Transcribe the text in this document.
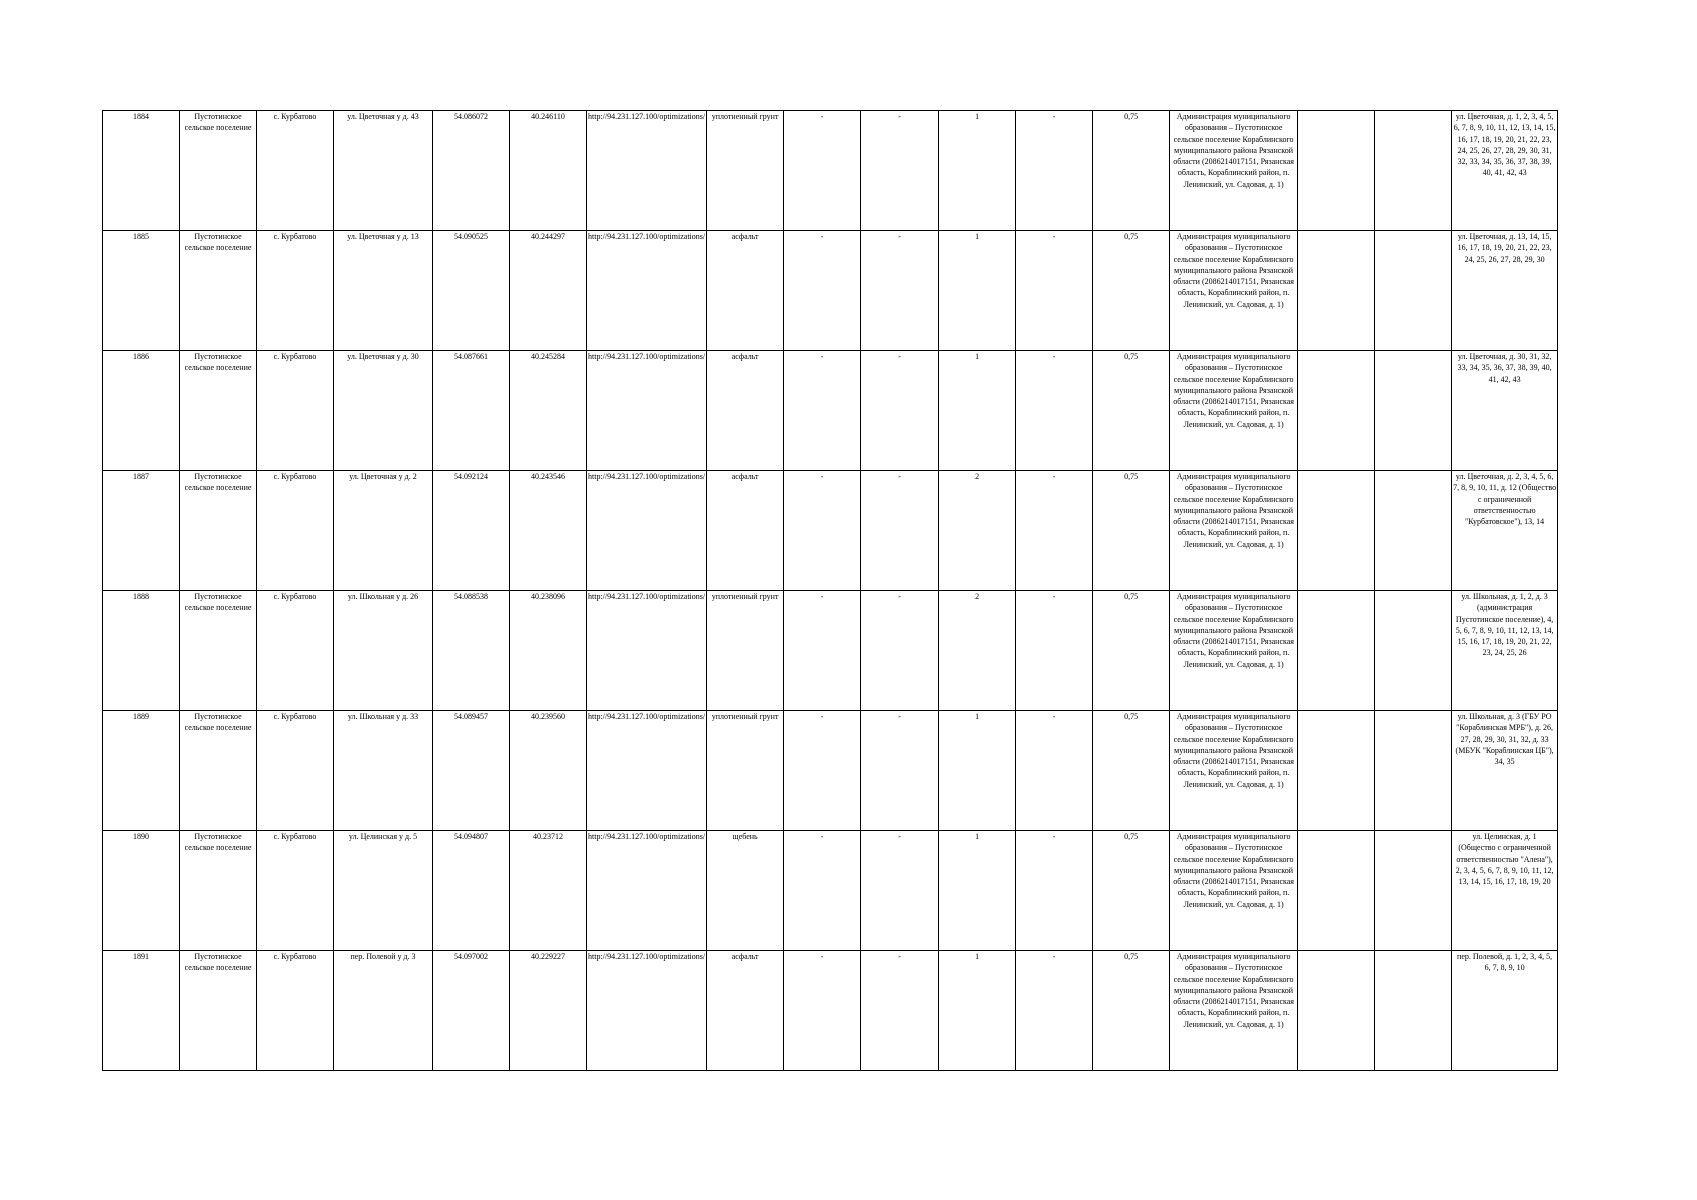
1884	Пустотинское сельское поселение	с. Курбатово	ул. Цветочная у д. 43	54.086072	40.246110	http://94.231.127.100/optimizations/	уплотненный грунт	-	-	1	-	0,75	Администрация муниципального образования – Пустотинское сельское поселение Кораблинского муниципального района Рязанской области (2086214017151, Рязанская область, Кораблинский район, п. Ленинский, ул. Садовая, д. 1)			ул. Цветочная, д. 1, 2, 3, 4, 5, 6, 7, 8, 9, 10, 11, 12, 13, 14, 15, 16, 17, 18, 19, 20, 21, 22, 23, 24, 25, 26, 27, 28, 29, 30, 31, 32, 33, 34, 35, 36, 37, 38, 39, 40, 41, 42, 43
1885	Пустотинское сельское поселение	с. Курбатово	ул. Цветочная у д. 13	54.090525	40.244297	http://94.231.127.100/optimizations/	асфальт	-	-	1	-	0,75	Администрация муниципального образования – Пустотинское сельское поселение Кораблинского муниципального района Рязанской области (2086214017151, Рязанская область, Кораблинский район, п. Ленинский, ул. Садовая, д. 1)			ул. Цветочная, д. 13, 14, 15, 16, 17, 18, 19, 20, 21, 22, 23, 24, 25, 26, 27, 28, 29, 30
1886	Пустотинское сельское поселение	с. Курбатово	ул. Цветочная у д. 30	54.087661	40.245284	http://94.231.127.100/optimizations/	асфальт	-	-	1	-	0,75	Администрация муниципального образования – Пустотинское сельское поселение Кораблинского муниципального района Рязанской области (2086214017151, Рязанская область, Кораблинский район, п. Ленинский, ул. Садовая, д. 1)			ул. Цветочная, д. 30, 31, 32, 33, 34, 35, 36, 37, 38, 39, 40, 41, 42, 43
1887	Пустотинское сельское поселение	с. Курбатово	ул. Цветочная у д. 2	54.092124	40.243546	http://94.231.127.100/optimizations/	асфальт	-	-	2	-	0,75	Администрация муниципального образования – Пустотинское сельское поселение Кораблинского муниципального района Рязанской области (2086214017151, Рязанская область, Кораблинский район, п. Ленинский, ул. Садовая, д. 1)			ул. Цветочная, д. 2, 3, 4, 5, 6, 7, 8, 9, 10, 11, д. 12 (Общество с ограниченной ответственностью "Курбатовское"), 13, 14
1888	Пустотинское сельское поселение	с. Курбатово	ул. Школьная у д. 26	54.088538	40.238096	http://94.231.127.100/optimizations/	уплотненный грунт	-	-	2	-	0,75	Администрация муниципального образования – Пустотинское сельское поселение Кораблинского муниципального района Рязанской области (2086214017151, Рязанская область, Кораблинский район, п. Ленинский, ул. Садовая, д. 1)			ул. Школьная, д. 1, 2, д. 3 (администрация Пустотинское поселение), 4, 5, 6, 7, 8, 9, 10, 11, 12, 13, 14, 15, 16, 17, 18, 19, 20, 21, 22, 23, 24, 25, 26
1889	Пустотинское сельское поселение	с. Курбатово	ул. Школьная у д. 33	54.089457	40.239560	http://94.231.127.100/optimizations/	уплотненный грунт	-	-	1	-	0,75	Администрация муниципального образования – Пустотинское сельское поселение Кораблинского муниципального района Рязанской области (2086214017151, Рязанская область, Кораблинский район, п. Ленинский, ул. Садовая, д. 1)			ул. Школьная, д. 3 (ГБУ РО "Кораблинская МРБ"), д. 26, 27, 28, 29, 30, 31, 32, д. 33 (МБУК "Кораблинская ЦБ"), 34, 35
1890	Пустотинское сельское поселение	с. Курбатово	ул. Целинская у д. 5	54.094807	40.23712	http://94.231.127.100/optimizations/	щебень	-	-	1	-	0,75	Администрация муниципального образования – Пустотинское сельское поселение Кораблинского муниципального района Рязанской области (2086214017151, Рязанская область, Кораблинский район, п. Ленинский, ул. Садовая, д. 1)			ул. Целинская, д. 1 (Общество с ограниченной ответственностью "Алена"), 2, 3, 4, 5, 6, 7, 8, 9, 10, 11, 12, 13, 14, 15, 16, 17, 18, 19, 20
1891	Пустотинское сельское поселение	с. Курбатово	пер. Полевой у д. 3	54.097002	40.229227	http://94.231.127.100/optimizations/	асфальт	-	-	1	-	0,75	Администрация муниципального образования – Пустотинское сельское поселение Кораблинского муниципального района Рязанской области (2086214017151, Рязанская область, Кораблинский район, п. Ленинский, ул. Садовая, д. 1)			пер. Полевой, д. 1, 2, 3, 4, 5, 6, 7, 8, 9, 10
